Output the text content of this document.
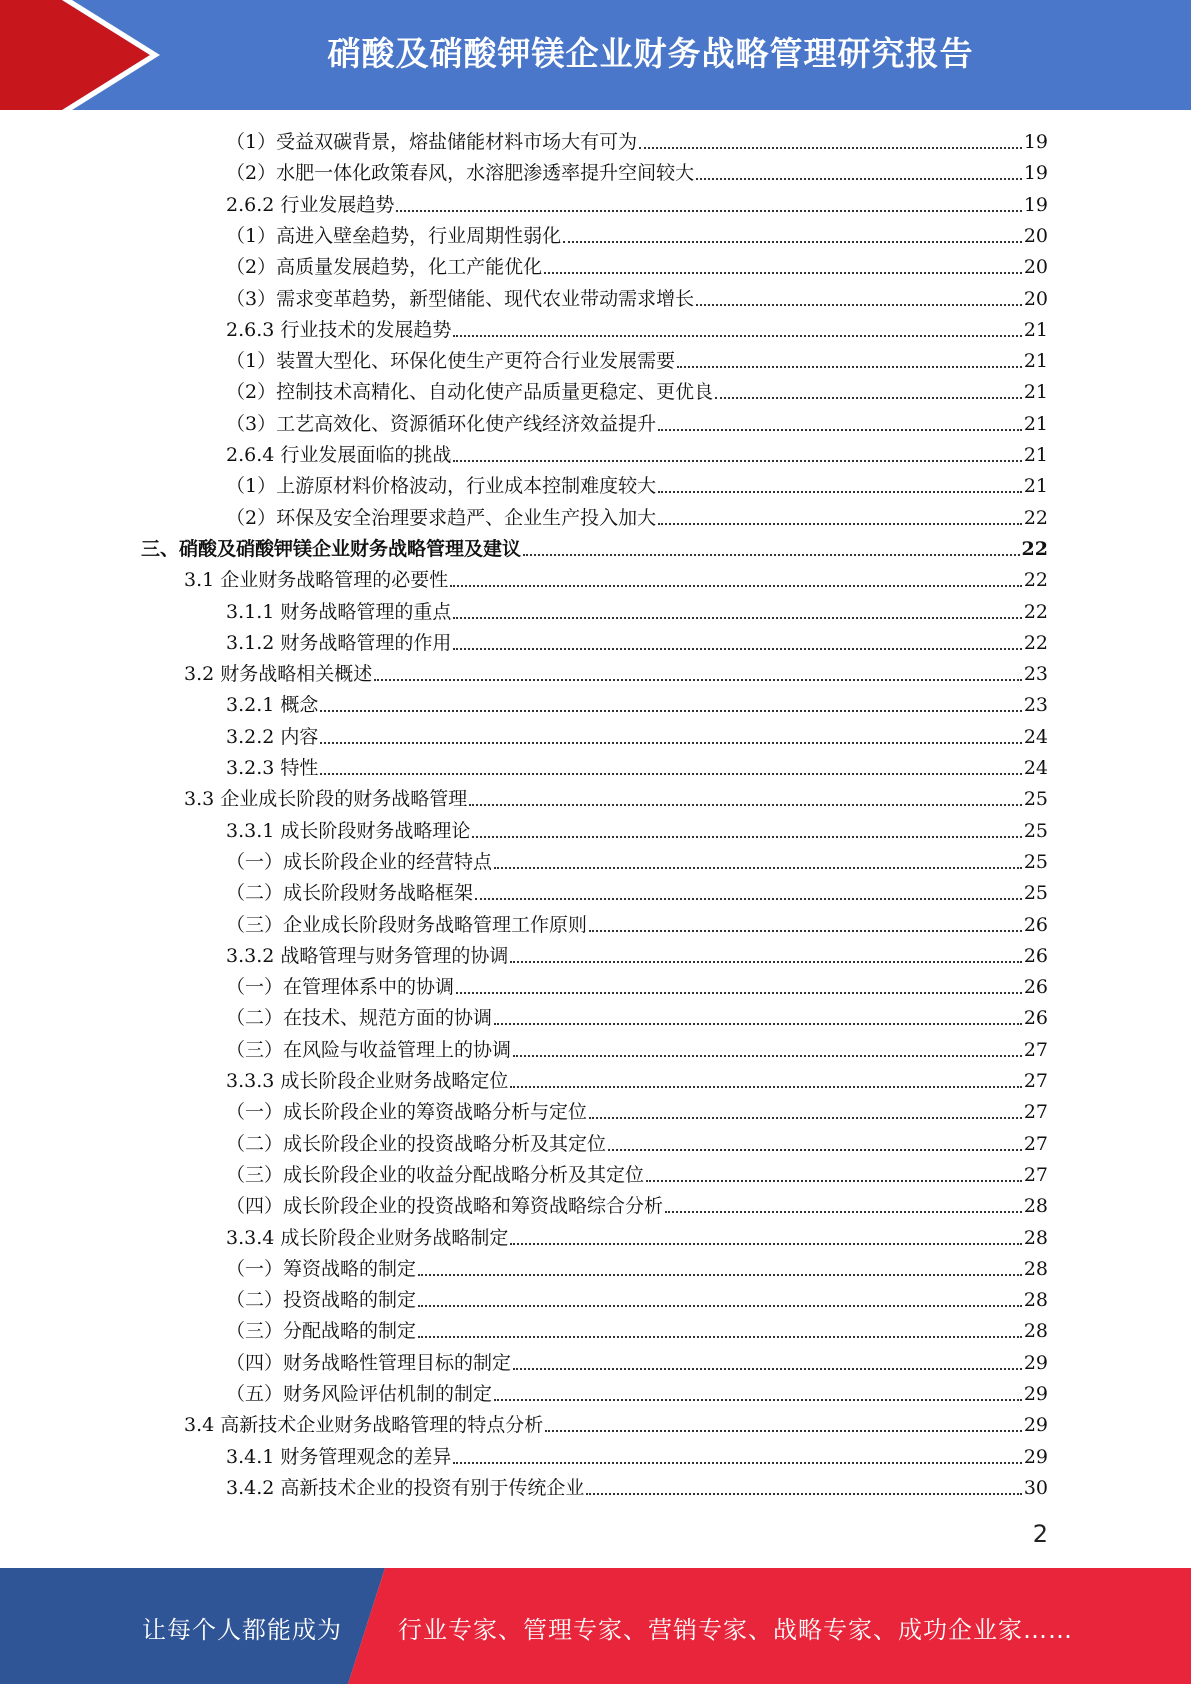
硝酸及硝酸钾镁企业财务战略管理研究报告
（1）受益双碳背景，熔盐储能材料市场大有可为	19
（2）水肥一体化政策春风，水溶肥渗透率提升空间较大	19
2.6.2 行业发展趋势	19
（1）高进入壁垒趋势，行业周期性弱化	20
（2）高质量发展趋势，化工产能优化	20
（3）需求变革趋势，新型储能、现代农业带动需求增长	20
2.6.3 行业技术的发展趋势	21
（1）装置大型化、环保化使生产更符合行业发展需要	21
（2）控制技术高精化、自动化使产品质量更稳定、更优良	21
（3）工艺高效化、资源循环化使产线经济效益提升	21
2.6.4 行业发展面临的挑战	21
（1）上游原材料价格波动，行业成本控制难度较大	21
（2）环保及安全治理要求趋严、企业生产投入加大	22
三、硝酸及硝酸钾镁企业财务战略管理及建议	22
3.1 企业财务战略管理的必要性	22
3.1.1 财务战略管理的重点	22
3.1.2 财务战略管理的作用	22
3.2 财务战略相关概述	23
3.2.1 概念	23
3.2.2 内容	24
3.2.3 特性	24
3.3 企业成长阶段的财务战略管理	25
3.3.1 成长阶段财务战略理论	25
（一）成长阶段企业的经营特点	25
（二）成长阶段财务战略框架	25
（三）企业成长阶段财务战略管理工作原则	26
3.3.2 战略管理与财务管理的协调	26
（一）在管理体系中的协调	26
（二）在技术、规范方面的协调	26
（三）在风险与收益管理上的协调	27
3.3.3 成长阶段企业财务战略定位	27
（一）成长阶段企业的筹资战略分析与定位	27
（二）成长阶段企业的投资战略分析及其定位	27
（三）成长阶段企业的收益分配战略分析及其定位	27
（四）成长阶段企业的投资战略和筹资战略综合分析	28
3.3.4 成长阶段企业财务战略制定	28
（一）筹资战略的制定	28
（二）投资战略的制定	28
（三）分配战略的制定	28
（四）财务战略性管理目标的制定	29
（五）财务风险评估机制的制定	29
3.4 高新技术企业财务战略管理的特点分析	29
3.4.1 财务管理观念的差异	29
3.4.2 高新技术企业的投资有别于传统企业	30
2
让每个人都能成为 行业专家、管理专家、营销专家、战略专家、成功企业家……
